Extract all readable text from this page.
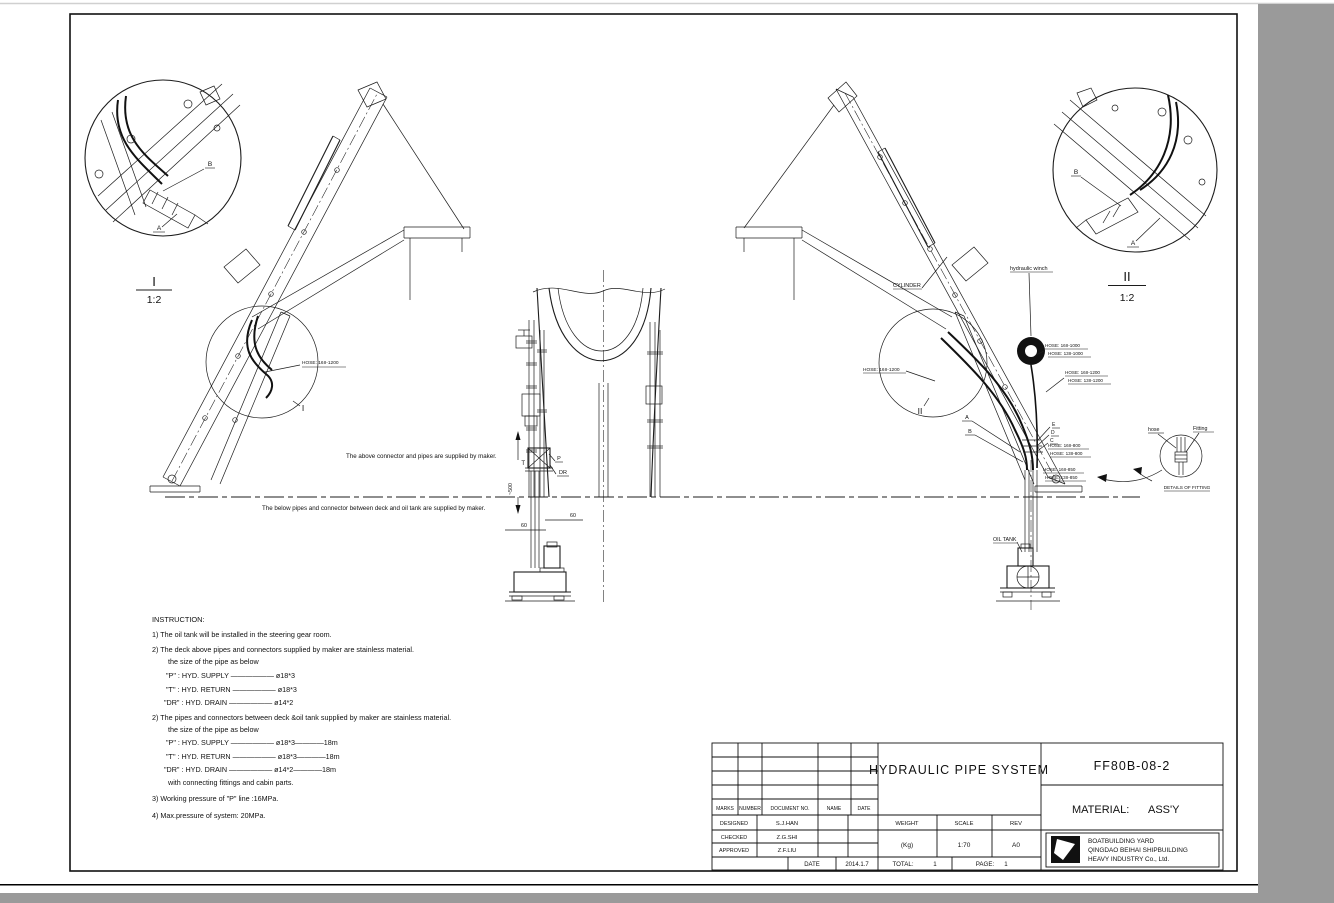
B
A
I
1:2
I
HOSE: 16II-1200
T
P
DR
~500
60
60
The above connector and pipes are supplied by maker.
The below pipes and connector between deck and oil tank are supplied by maker.
II
CYLINDER
hydraulic winch
HOSE: 16II-1200
HOSE: 16II-1000
HOSE: 13II-1000
HOSE: 16II-1200
HOSE: 13II-1200
A
B
E
D
C
HOSE: 16II-800
HOSE: 13II-800
HOSE: 16II-850
HOSE: 13II-850
OIL TANK
B
A
II
1:2
hose	Fitting
DETAILS OF FITTING
INSTRUCTION:
1) The oil tank will be installed in the steering gear room.
2) The deck above pipes and connectors supplied by maker are stainless material.
the size of the pipe as below
"P" : HYD. SUPPLY —————— ø18*3
"T" : HYD. RETURN —————— ø18*3
"DR" : HYD. DRAIN —————— ø14*2
2) The pipes and connectors between deck &oil tank supplied by maker are stainless material.
the size of the pipe as below
"P" : HYD. SUPPLY —————— ø18*3————18m
"T" : HYD. RETURN —————— ø18*3————18m
"DR" : HYD. DRAIN —————— ø14*2————18m
with connecting fittings and cabin parts.
3) Working pressure of "P" line :16MPa.
4) Max.pressure of system: 20MPa.
MARKS NUMBER DOCUMENT NO.	NAME	DATE
DESIGNED	S.J.HAN
CHECKED	Z.G.SHI
APPROVED	Z.F.LIU
DATE	2014.1.7
HYDRAULIC PIPE SYSTEM
WEIGHT	SCALE	REV
(Kg)	1:70	A0
TOTAL:	1	PAGE: 1
FF80B-08-2
MATERIAL: ASS'Y
BOATBUILDING YARD
QINGDAO BEIHAI SHIPBUILDING
HEAVY INDUSTRY Co., Ltd.
